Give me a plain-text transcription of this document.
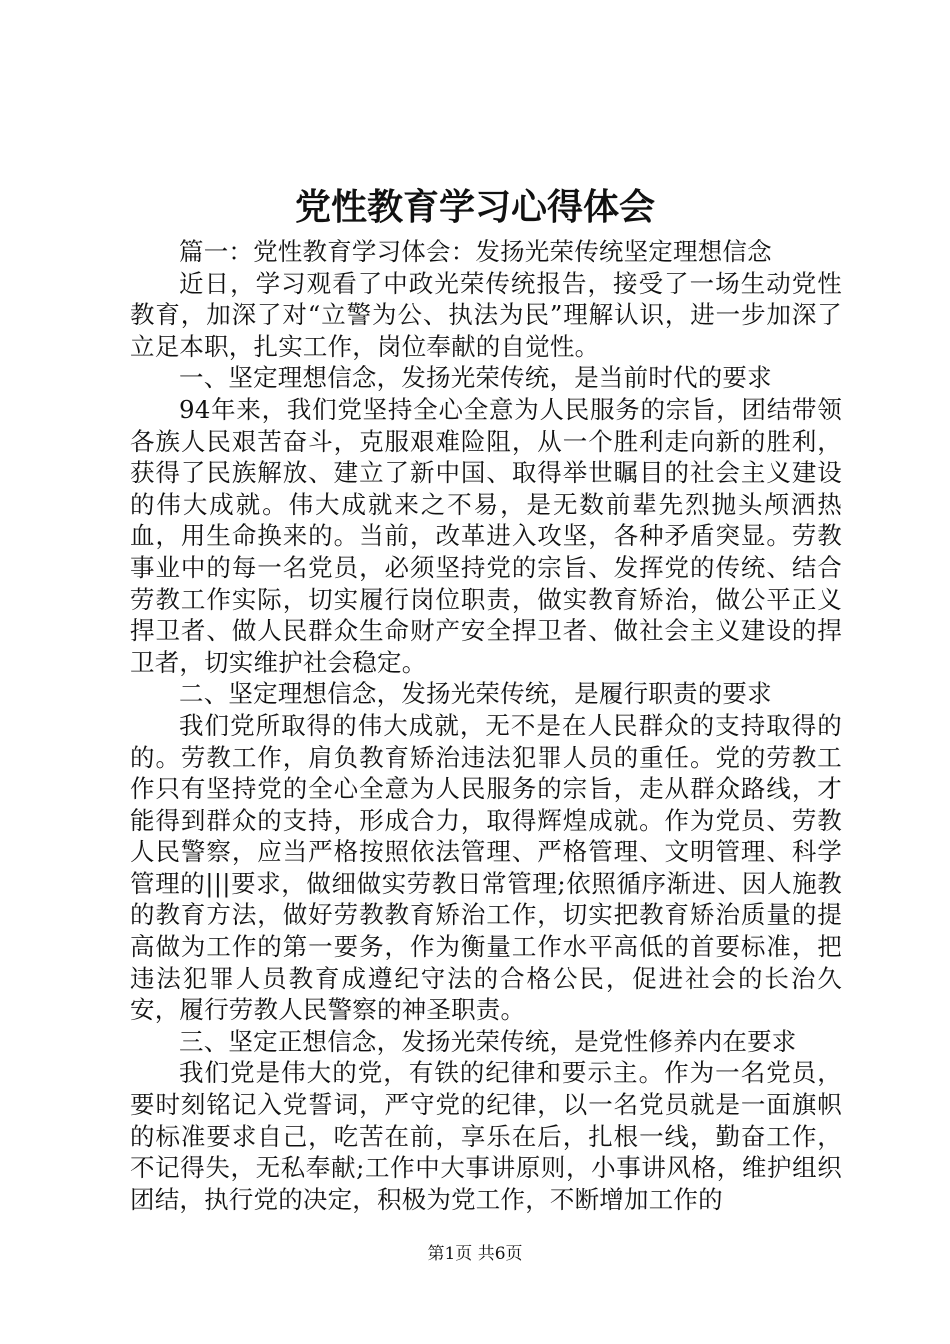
党性教育学习心得体会

篇一：党性教育学习体会：发扬光荣传统坚定理想信念

近日，学习观看了中政光荣传统报告，接受了一场生动党性教育，加深了对“立警为公、执法为民”理解认识，进一步加深了立足本职，扎实工作，岗位奉献的自觉性。

一、坚定理想信念，发扬光荣传统，是当前时代的要求

94年来，我们党坚持全心全意为人民服务的宗旨，团结带领各族人民艰苦奋斗，克服艰难险阻，从一个胜利走向新的胜利，获得了民族解放、建立了新中国、取得举世瞩目的社会主义建设的伟大成就。伟大成就来之不易，是无数前辈先烈抛头颅洒热血，用生命换来的。当前，改革进入攻坚，各种矛盾突显。劳教事业中的每一名党员，必须坚持党的宗旨、发挥党的传统、结合劳教工作实际，切实履行岗位职责，做实教育矫治，做公平正义捍卫者、做人民群众生命财产安全捍卫者、做社会主义建设的捍卫者，切实维护社会稳定。

二、坚定理想信念，发扬光荣传统，是履行职责的要求

我们党所取得的伟大成就，无不是在人民群众的支持取得的的。劳教工作，肩负教育矫治违法犯罪人员的重任。党的劳教工作只有坚持党的全心全意为人民服务的宗旨，走从群众路线，才能得到群众的支持，形成合力，取得辉煌成就。作为党员、劳教人民警察，应当严格按照依法管理、严格管理、文明管理、科学管理的|||要求，做细做实劳教日常管理;依照循序渐进、因人施教的教育方法，做好劳教教育矫治工作，切实把教育矫治质量的提高做为工作的第一要务，作为衡量工作水平高低的首要标准，把违法犯罪人员教育成遵纪守法的合格公民，促进社会的长治久安，履行劳教人民警察的神圣职责。

三、坚定正想信念，发扬光荣传统，是党性修养内在要求

我们党是伟大的党，有铁的纪律和要示主。作为一名党员，要时刻铭记入党誓词，严守党的纪律，以一名党员就是一面旗帜的标准要求自己，吃苦在前，享乐在后，扎根一线，勤奋工作，不记得失，无私奉献;工作中大事讲原则，小事讲风格，维护组织团结，执行党的决定，积极为党工作，不断增加工作的

第1页 共6页
